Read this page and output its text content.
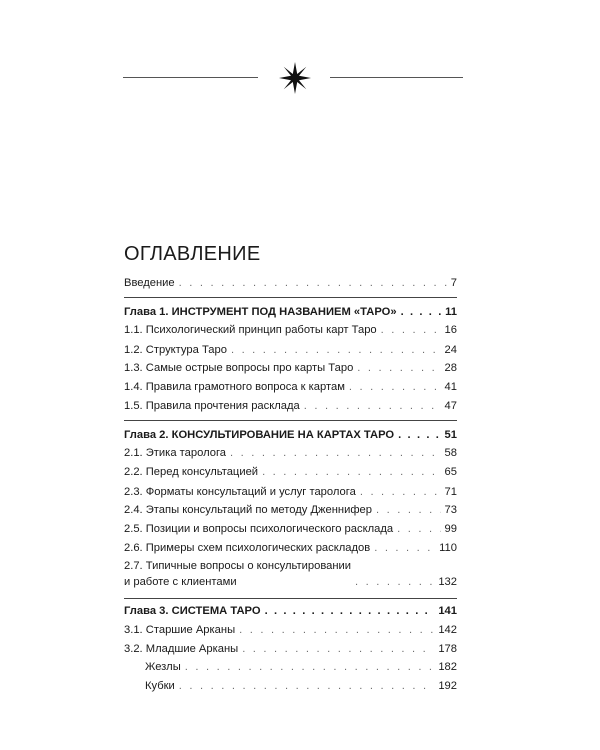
ОГЛАВЛЕНИЕ
Введение . . .	7
Глава 1. ИНСТРУМЕНТ ПОД НАЗВАНИЕМ «ТАРО» . . .	11
1.1. Психологический принцип работы карт Таро . . .	16
1.2. Структура Таро . . .	24
1.3. Самые острые вопросы про карты Таро . . .	28
1.4. Правила грамотного вопроса к картам . . .	41
1.5. Правила прочтения расклада . . .	47
Глава 2. КОНСУЛЬТИРОВАНИЕ НА КАРТАХ ТАРО . . .	51
2.1. Этика таролога . . .	58
2.2. Перед консультацией . . .	65
2.3. Форматы консультаций и услуг таролога . . .	71
2.4. Этапы консультаций по методу Дженнифер . . .	73
2.5. Позиции и вопросы психологического расклада . . .	99
2.6. Примеры схем психологических раскладов . . .	110
2.7. Типичные вопросы о консультировании
и работе с клиентами . . .	132
Глава 3. СИСТЕМА ТАРО . . .	141
3.1. Старшие Арканы . . .	142
3.2. Младшие Арканы . . .	178
Жезлы . . .	182
Кубки . . .	192
